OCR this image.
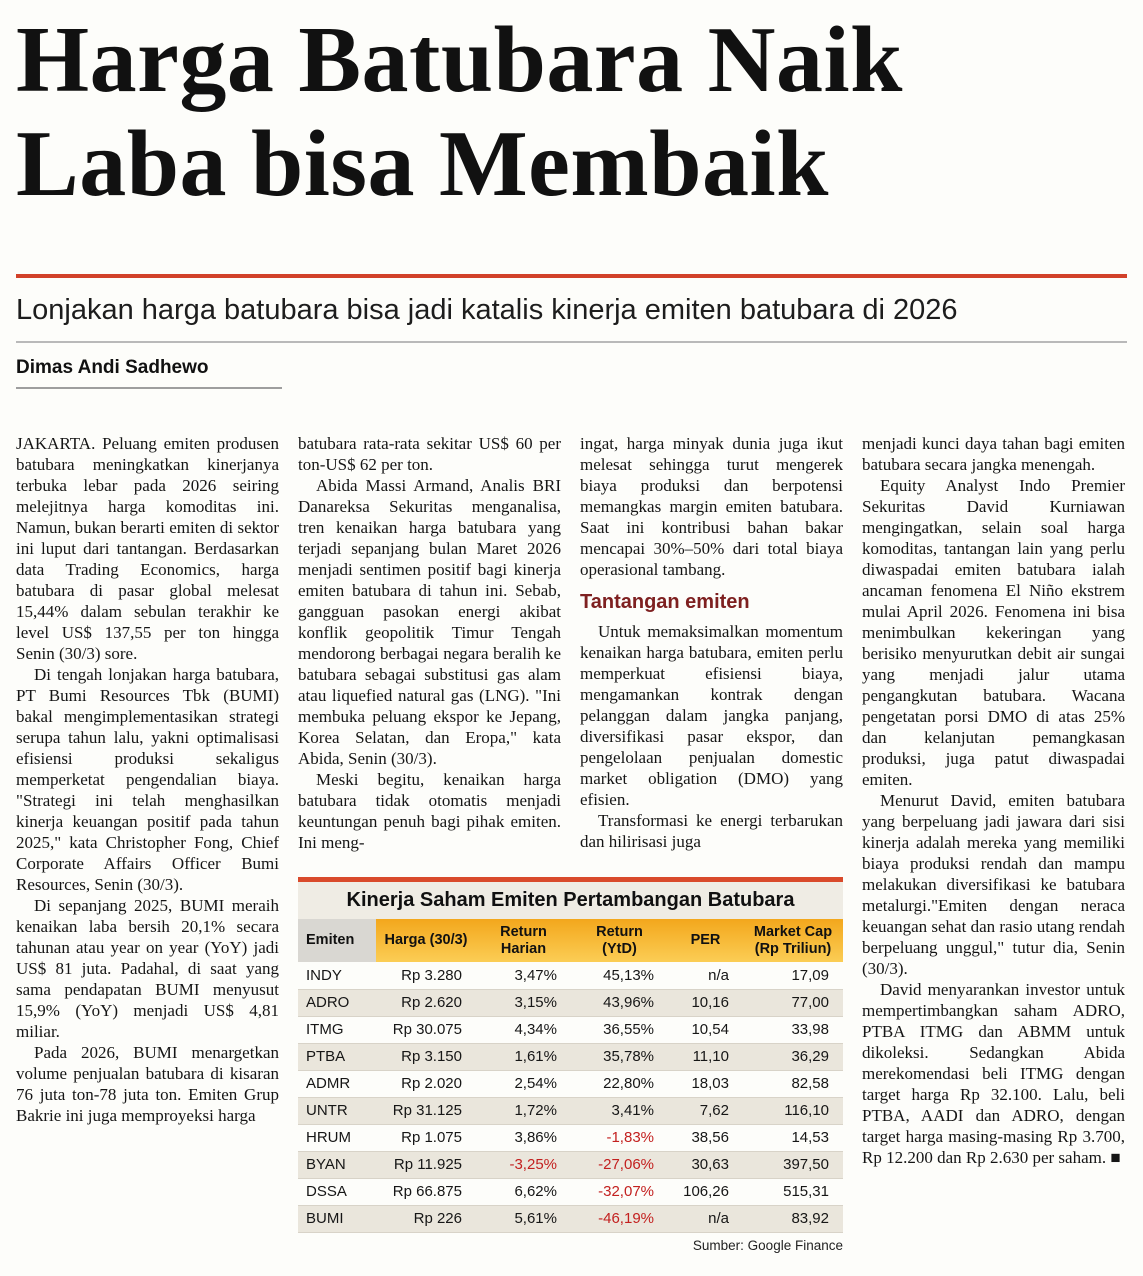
Harga Batubara Naik
Laba bisa Membaik

Lonjakan harga batubara bisa jadi katalis kinerja emiten batubara di 2026

Dimas Andi Sadhewo

JAKARTA. Peluang emiten produsen batubara meningkatkan kinerjanya terbuka lebar pada 2026 seiring melejitnya harga komoditas ini. Namun, bukan berarti emiten di sektor ini luput dari tantangan. Berdasarkan data Trading Economics, harga batubara di pasar global melesat 15,44% dalam sebulan terakhir ke level US$ 137,55 per ton hingga Senin (30/3) sore.

Di tengah lonjakan harga batubara, PT Bumi Resources Tbk (BUMI) bakal mengimplementasikan strategi serupa tahun lalu, yakni optimalisasi efisiensi produksi sekaligus memperketat pengendalian biaya. "Strategi ini telah menghasilkan kinerja keuangan positif pada tahun 2025," kata Christopher Fong, Chief Corporate Affairs Officer Bumi Resources, Senin (30/3).

Di sepanjang 2025, BUMI meraih kenaikan laba bersih 20,1% secara tahunan atau year on year (YoY) jadi US$ 81 juta. Padahal, di saat yang sama pendapatan BUMI menyusut 15,9% (YoY) menjadi US$ 4,81 miliar.

Pada 2026, BUMI menargetkan volume penjualan batubara di kisaran 76 juta ton-78 juta ton. Emiten Grup Bakrie ini juga memproyeksi harga

batubara rata-rata sekitar US$ 60 per ton-US$ 62 per ton.

Abida Massi Armand, Analis BRI Danareksa Sekuritas menganalisa, tren kenaikan harga batubara yang terjadi sepanjang bulan Maret 2026 menjadi sentimen positif bagi kinerja emiten batubara di tahun ini. Sebab, gangguan pasokan energi akibat konflik geopolitik Timur Tengah mendorong berbagai negara beralih ke batubara sebagai substitusi gas alam atau liquefied natural gas (LNG). "Ini membuka peluang ekspor ke Jepang, Korea Selatan, dan Eropa," kata Abida, Senin (30/3).

Meski begitu, kenaikan harga batubara tidak otomatis menjadi keuntungan penuh bagi pihak emiten. Ini meng-

ingat, harga minyak dunia juga ikut melesat sehingga turut mengerek biaya produksi dan berpotensi memangkas margin emiten batubara. Saat ini kontribusi bahan bakar mencapai 30%–50% dari total biaya operasional tambang.

Tantangan emiten

Untuk memaksimalkan momentum kenaikan harga batubara, emiten perlu memperkuat efisiensi biaya, mengamankan kontrak dengan pelanggan dalam jangka panjang, diversifikasi pasar ekspor, dan pengelolaan penjualan domestic market obligation (DMO) yang efisien.

Transformasi ke energi terbarukan dan hilirisasi juga

menjadi kunci daya tahan bagi emiten batubara secara jangka menengah.

Equity Analyst Indo Premier Sekuritas David Kurniawan mengingatkan, selain soal harga komoditas, tantangan lain yang perlu diwaspadai emiten batubara ialah ancaman fenomena El Niño ekstrem mulai April 2026. Fenomena ini bisa menimbulkan kekeringan yang berisiko menyurutkan debit air sungai yang menjadi jalur utama pengangkutan batubara. Wacana pengetatan porsi DMO di atas 25% dan kelanjutan pemangkasan produksi, juga patut diwaspadai emiten.

Menurut David, emiten batubara yang berpeluang jadi jawara dari sisi kinerja adalah mereka yang memiliki biaya produksi rendah dan mampu melakukan diversifikasi ke batubara metalurgi."Emiten dengan neraca keuangan sehat dan rasio utang rendah berpeluang unggul," tutur dia, Senin (30/3).

David menyarankan investor untuk mempertimbangkan saham ADRO, PTBA ITMG dan ABMM untuk dikoleksi. Sedangkan Abida merekomendasi beli ITMG dengan target harga Rp 32.100. Lalu, beli PTBA, AADI dan ADRO, dengan target harga masing-masing Rp 3.700, Rp 12.200 dan Rp 2.630 per saham. ■

Kinerja Saham Emiten Pertambangan Batubara
Emiten	Harga (30/3)	Return Harian	Return (YtD)	PER	Market Cap (Rp Triliun)
INDY	Rp 3.280	3,47%	45,13%	n/a	17,09
ADRO	Rp 2.620	3,15%	43,96%	10,16	77,00
ITMG	Rp 30.075	4,34%	36,55%	10,54	33,98
PTBA	Rp 3.150	1,61%	35,78%	11,10	36,29
ADMR	Rp 2.020	2,54%	22,80%	18,03	82,58
UNTR	Rp 31.125	1,72%	3,41%	7,62	116,10
HRUM	Rp 1.075	3,86%	-1,83%	38,56	14,53
BYAN	Rp 11.925	-3,25%	-27,06%	30,63	397,50
DSSA	Rp 66.875	6,62%	-32,07%	106,26	515,31
BUMI	Rp 226	5,61%	-46,19%	n/a	83,92
Sumber: Google Finance
